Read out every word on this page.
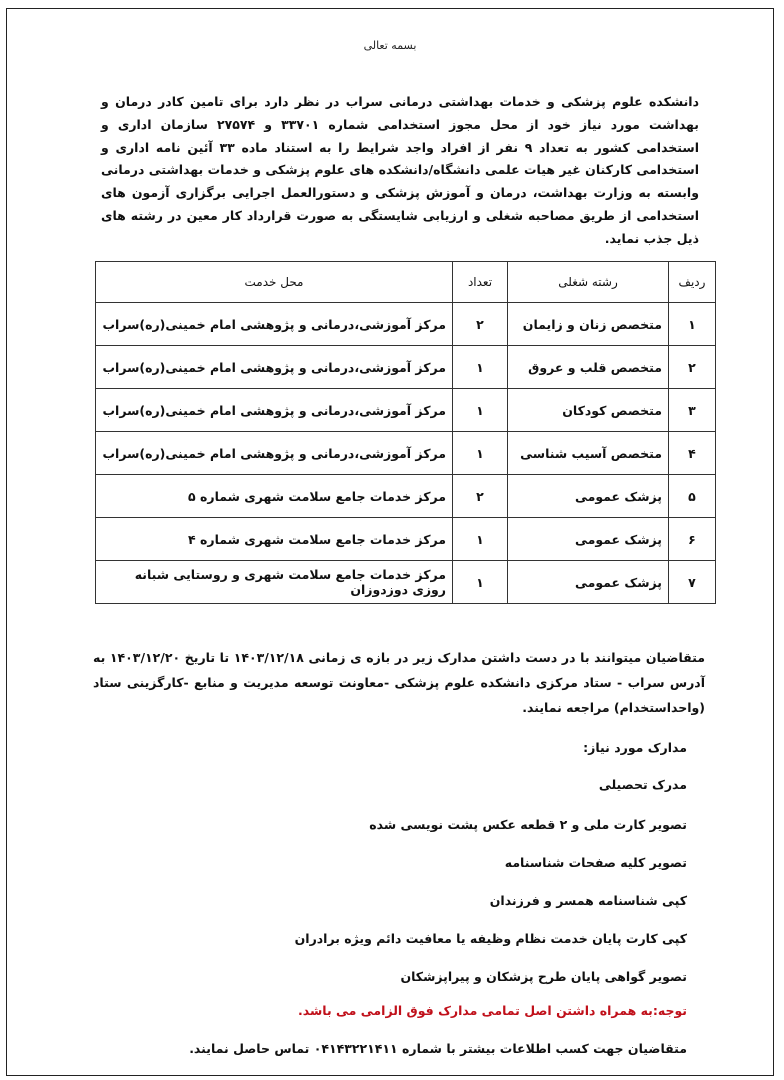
بسمه تعالی
دانشکده علوم پزشکی و خدمات بهداشتی درمانی سراب در نظر دارد برای تامین کادر درمان و بهداشت مورد نیاز خود از محل مجوز استخدامی شماره ۳۳۷۰۱ و ۲۷۵۷۴ سازمان اداری و استخدامی کشور به تعداد ۹ نفر از افراد واجد شرایط را به استناد ماده ۳۳ آئین نامه اداری و استخدامی کارکنان غیر هیات علمی دانشگاه/دانشکده های علوم پزشکی و خدمات بهداشتی درمانی وابسته به وزارت بهداشت، درمان و آموزش پزشکی و دستورالعمل اجرایی برگزاری آزمون های استخدامی از طریق مصاحبه شغلی و ارزیابی شایستگی به صورت قرارداد کار معین در رشته های ذیل جذب نماید.
ردیف	رشته شغلی	تعداد	محل خدمت
۱	متخصص زنان و زایمان	۲	مرکز آموزشی،درمانی و پژوهشی امام خمینی(ره)سراب
۲	متخصص قلب و عروق	۱	مرکز آموزشی،درمانی و پژوهشی امام خمینی(ره)سراب
۳	متخصص کودکان	۱	مرکز آموزشی،درمانی و پژوهشی امام خمینی(ره)سراب
۴	متخصص آسیب شناسی	۱	مرکز آموزشی،درمانی و پژوهشی امام خمینی(ره)سراب
۵	پزشک عمومی	۲	مرکز خدمات جامع سلامت شهری شماره ۵
۶	پزشک عمومی	۱	مرکز خدمات جامع سلامت شهری شماره ۴
۷	پزشک عمومی	۱	مرکز خدمات جامع سلامت شهری و روستایی شبانه روزی دوزدوزان
متقاضیان میتوانند با در دست داشتن مدارک زیر در بازه ی زمانی ۱۴۰۳/۱۲/۱۸ تا تاریخ ۱۴۰۳/۱۲/۲۰ به آدرس سراب - ستاد مرکزی دانشکده علوم پزشکی -معاونت توسعه مدیریت و منابع -کارگزینی ستاد (واحداستخدام) مراجعه نمایند.
مدارک مورد نیاز:
مدرک تحصیلی
تصویر کارت ملی و ۲ قطعه عکس پشت نویسی شده
تصویر کلیه صفحات شناسنامه
کپی شناسنامه همسر و فرزندان
کپی کارت پایان خدمت نظام وظیفه یا معافیت دائم ویژه برادران
تصویر گواهی پایان طرح پزشکان و پیراپزشکان
توجه:به همراه داشتن اصل تمامی مدارک فوق الزامی می باشد.
متقاضیان جهت کسب اطلاعات بیشتر با شماره ۰۴۱۴۳۲۲۱۴۱۱ تماس حاصل نمایند.
